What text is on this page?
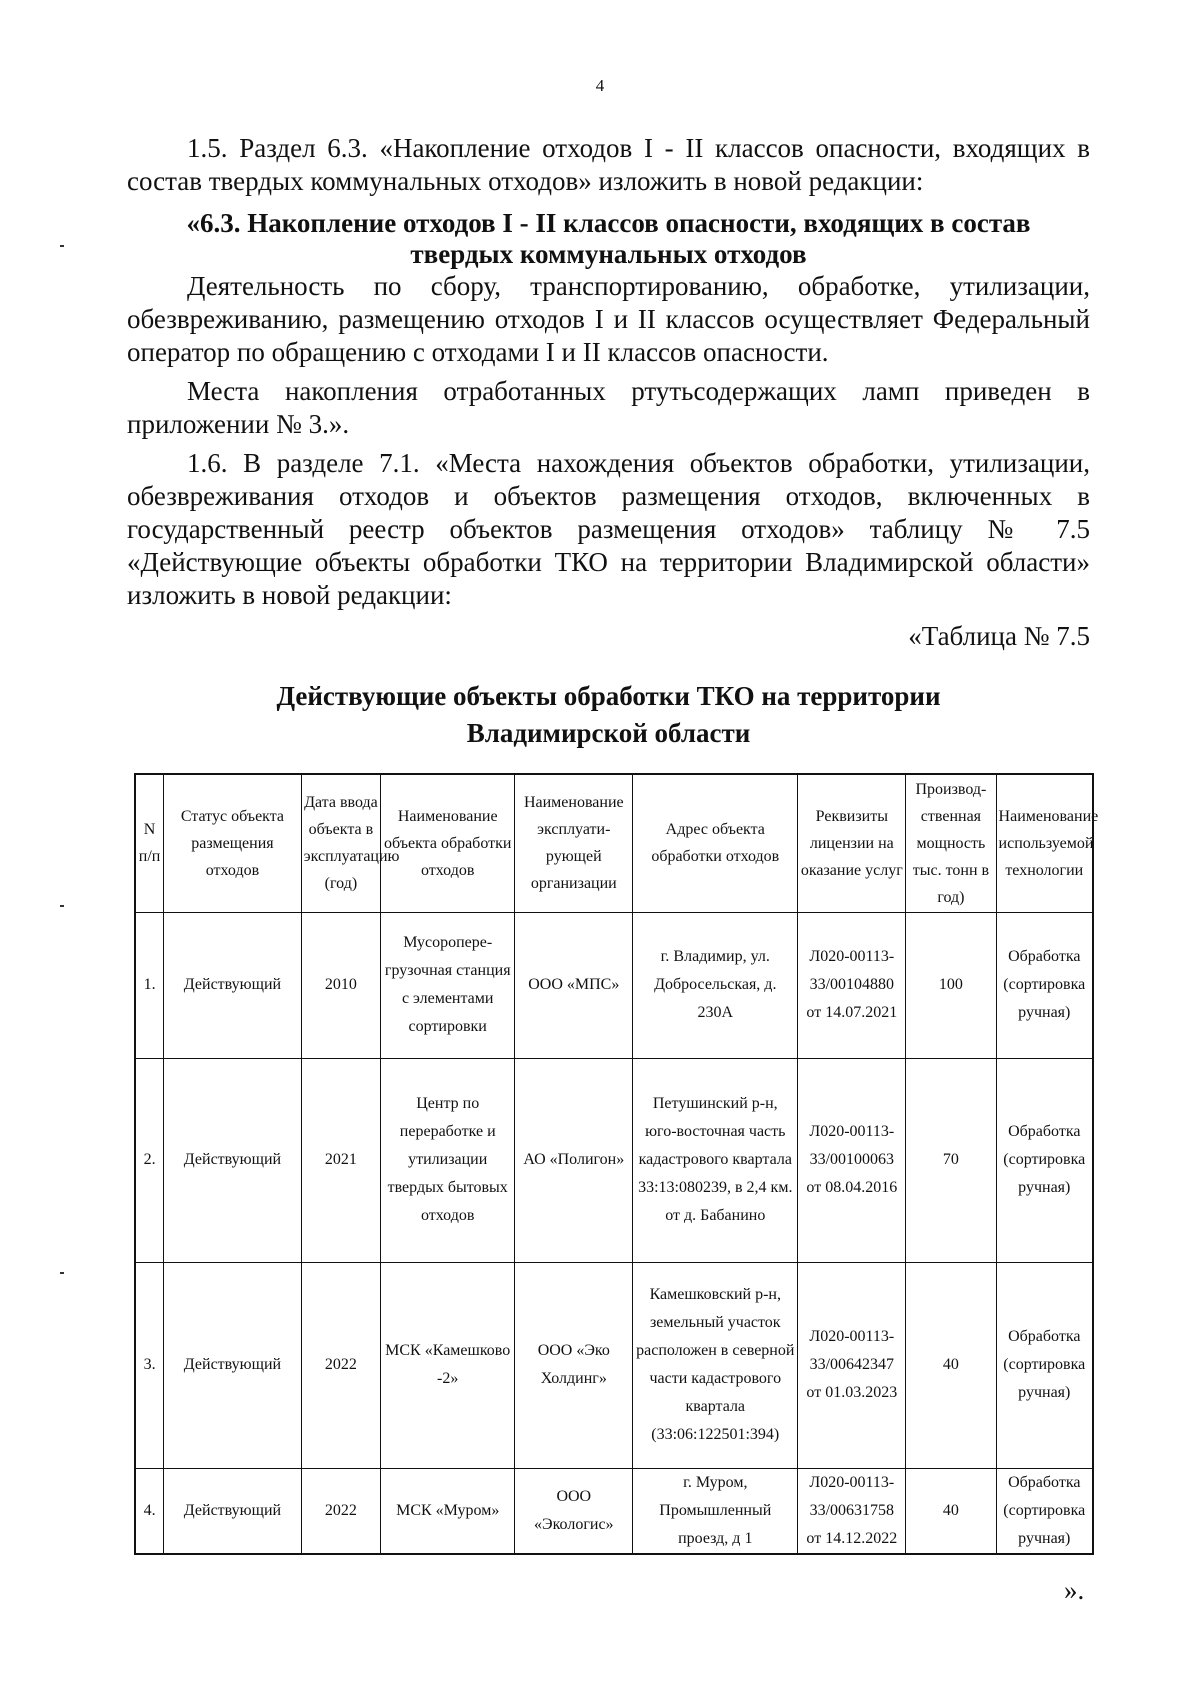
4

1.5. Раздел 6.3. «Накопление отходов I - II классов опасности, входящих в состав твердых коммунальных отходов» изложить в новой редакции:

«6.3. Накопление отходов I - II классов опасности, входящих в состав
твердых коммунальных отходов

Деятельность по сбору, транспортированию, обработке, утилизации, обезвреживанию, размещению отходов I и II классов осуществляет Федеральный оператор по обращению с отходами I и II классов опасности.

Места накопления отработанных ртутьсодержащих ламп приведен в приложении № 3.».

1.6. В разделе 7.1. «Места нахождения объектов обработки, утилизации, обезвреживания отходов и объектов размещения отходов, включенных в государственный реестр объектов размещения отходов» таблицу № 7.5 «Действующие объекты обработки ТКО на территории Владимирской области» изложить в новой редакции:

«Таблица № 7.5

Действующие объекты обработки ТКО на территории
Владимирской области
N п/п	Статус объекта размещения отходов	Дата ввода объекта в эксплуатацию (год)	Наименование объекта обработки отходов	Наименование эксплуати-рующей организации	Адрес объекта обработки отходов	Реквизиты лицензии на оказание услуг	Производ-ственная мощность тыс. тонн в год)	Наименование используемой технологии
1.	Действующий	2010	Мусоропере-грузочная станция с элементами сортировки	ООО «МПС»	г. Владимир, ул. Добросельская, д. 230А	Л020-00113-33/00104880 от 14.07.2021	100	Обработка (сортировка ручная)
2.	Действующий	2021	Центр по переработке и утилизации твердых бытовых отходов	АО «Полигон»	Петушинский р-н, юго-восточная часть кадастрового квартала 33:13:080239, в 2,4 км. от д. Бабанино	Л020-00113-33/00100063 от 08.04.2016	70	Обработка (сортировка ручная)
3.	Действующий	2022	МСК «Камешково -2»	ООО «Эко Холдинг»	Камешковский р-н, земельный участок расположен в северной части кадастрового квартала (33:06:122501:394)	Л020-00113-33/00642347 от 01.03.2023	40	Обработка (сортировка ручная)
4.	Действующий	2022	МСК «Муром»	ООО «Экологис»	г. Муром, Промышленный проезд, д 1	Л020-00113-33/00631758 от 14.12.2022	40	Обработка (сортировка ручная)
».
